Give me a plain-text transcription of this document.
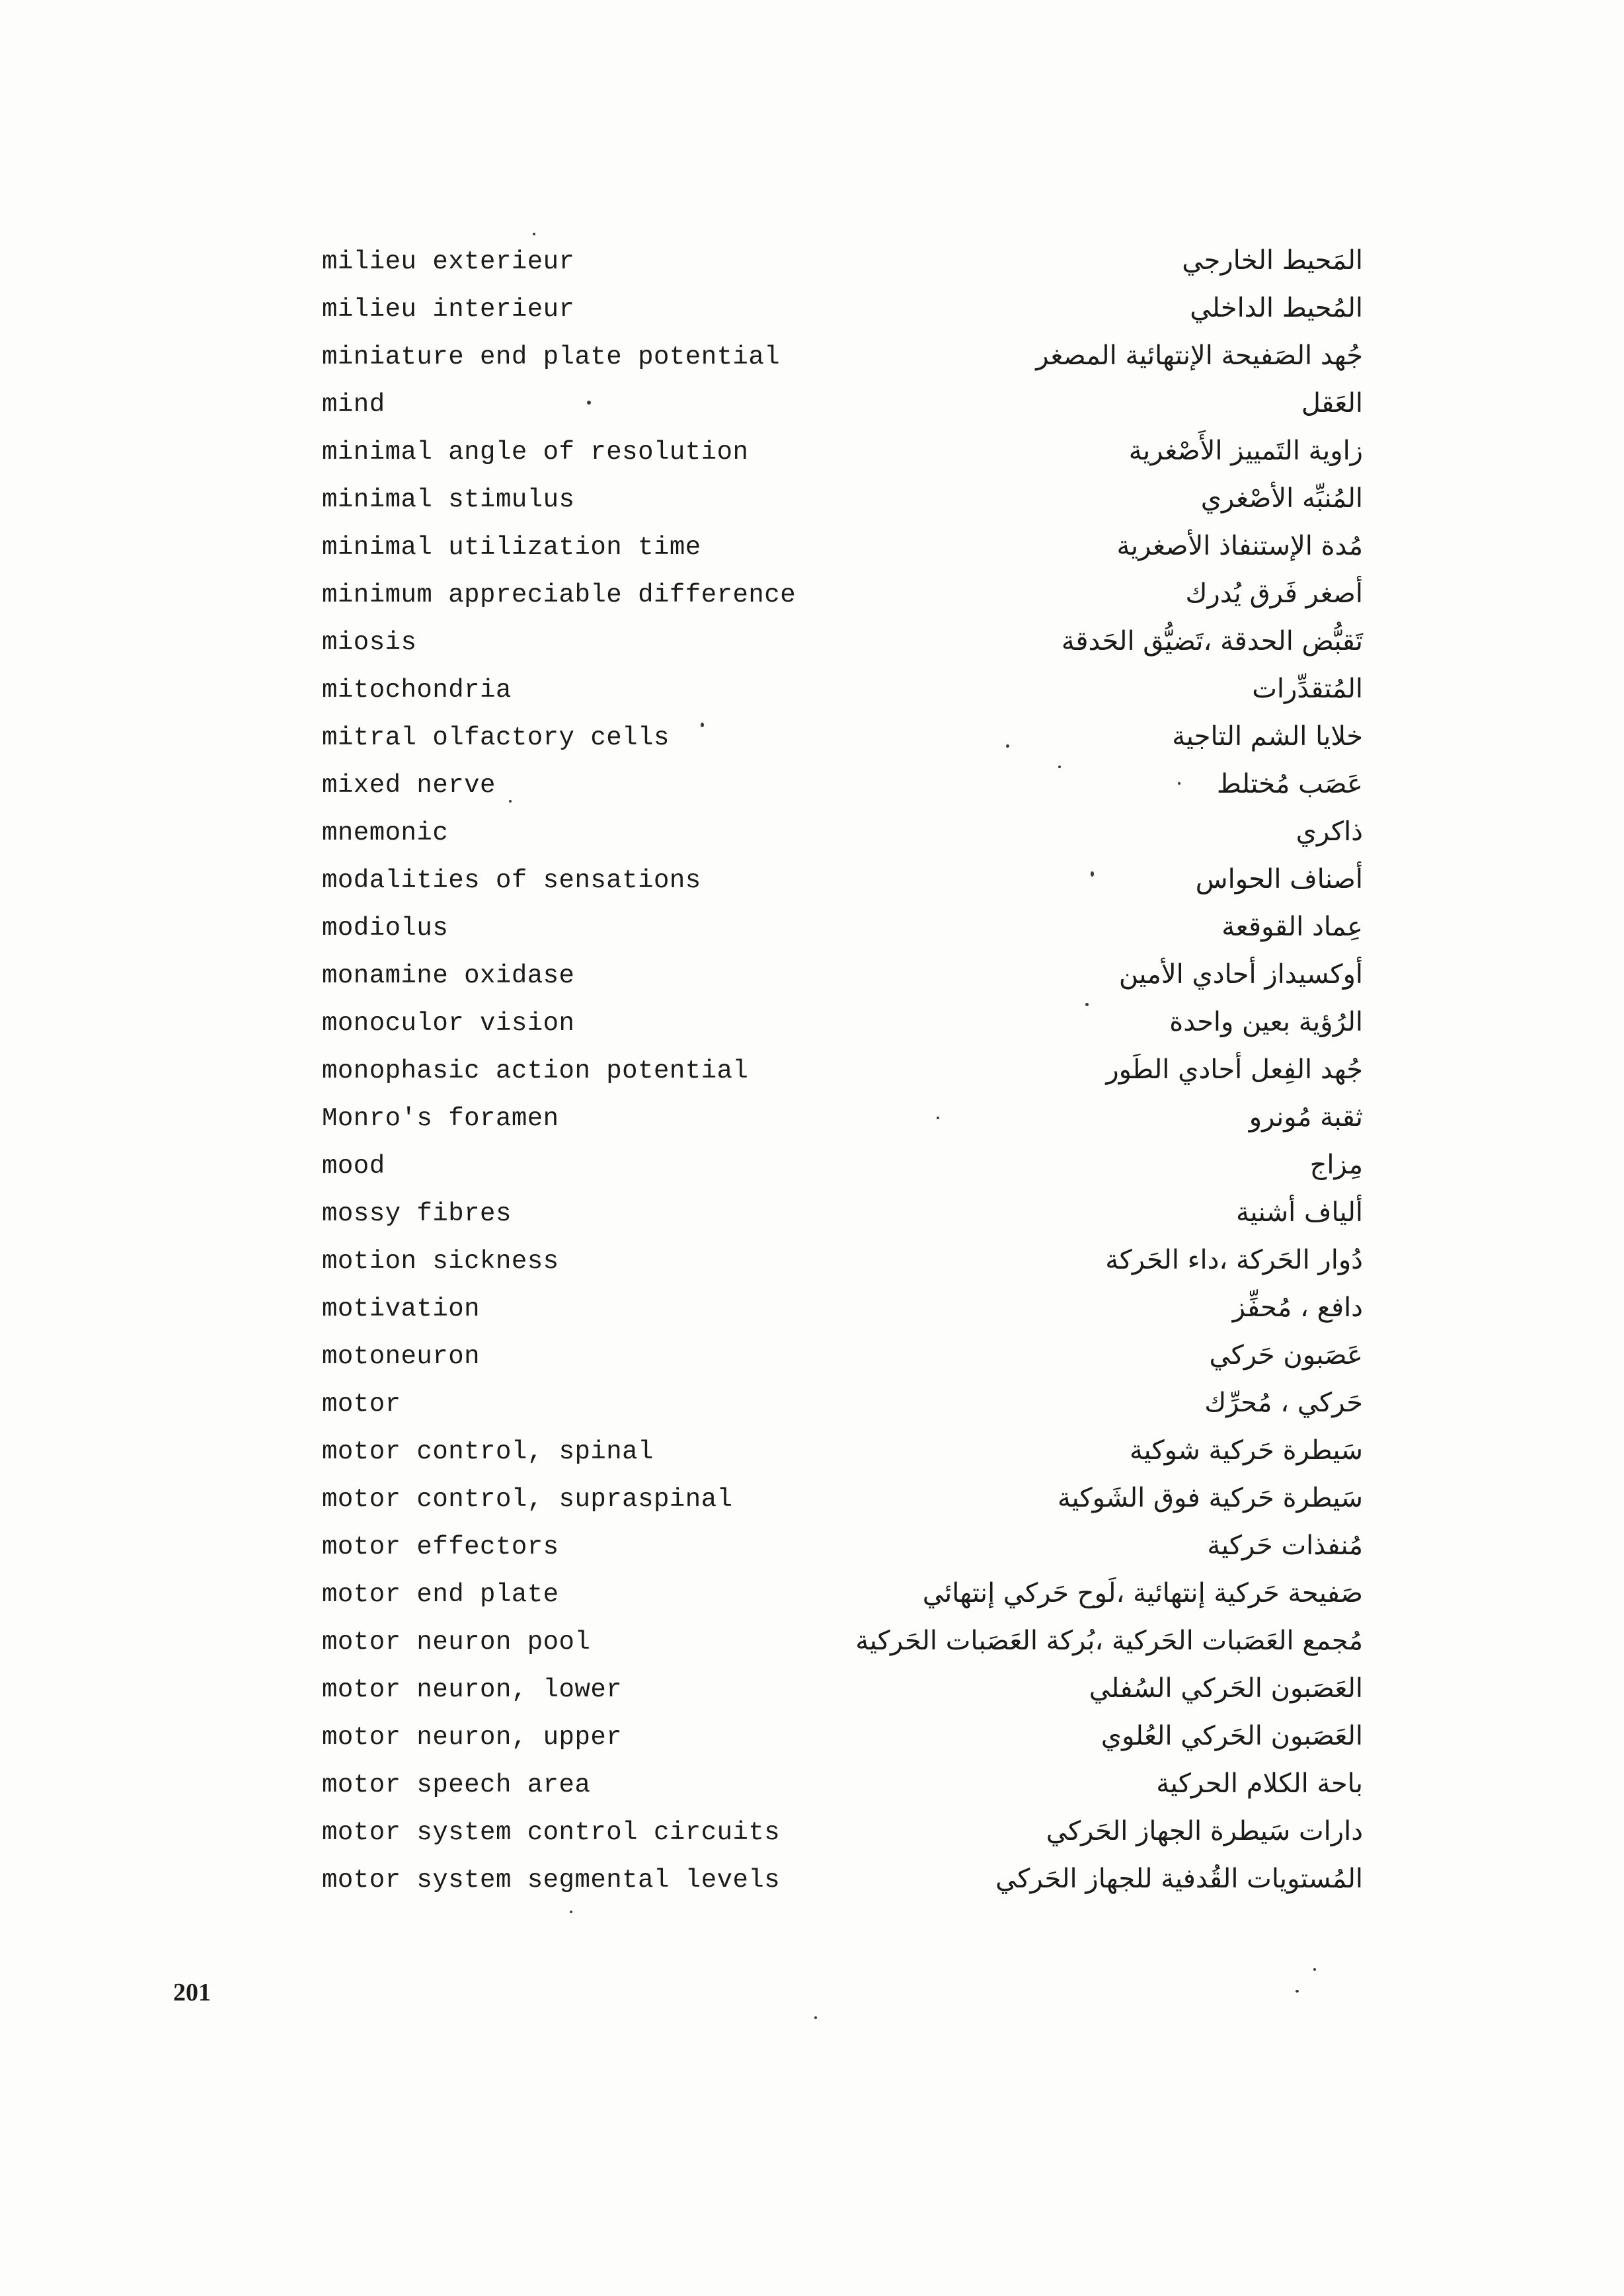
milieu exterieur	المَحيط الخارجي
milieu interieur	المُحيط الداخلي
miniature end plate potential	جُهد الصَفيحة الإنتهائية المصغر
mind	العَقل
minimal angle of resolution	زاوية التَمييز الأَصْغرية
minimal stimulus	المُنبِّه الأصْغري
minimal utilization time	مُدة الإستنفاذ الأصغرية
minimum appreciable difference	أصغر فَرق يُدرك
miosis	تَقبُّض الحدقة ،تَضيُّق الحَدقة
mitochondria	المُتقدِّرات
mitral olfactory cells	خلايا الشم التاجية
mixed nerve	عَصَب مُختلط
mnemonic	ذاكري
modalities of sensations	أصناف الحواس
modiolus	عِماد القوقعة
monamine oxidase	أوكسيداز أحادي الأمين
monoculor vision	الرُؤية بعين واحدة
monophasic action potential	جُهد الفِعل أحادي الطَور
Monro's foramen	ثقبة مُونرو
mood	مِزاج
mossy fibres	ألياف أشنية
motion sickness	دُوار الحَركة ،داء الحَركة
motivation	دافع ، مُحفِّز
motoneuron	عَصَبون حَركي
motor	حَركي ، مُحرِّك
motor control, spinal	سَيطرة حَركية شوكية
motor control, supraspinal	سَيطرة حَركية فوق الشَوكية
motor effectors	مُنفذات حَركية
motor end plate	صَفيحة حَركية إنتهائية ،لَوح حَركي إنتهائي
motor neuron pool	مُجمع العَصَبات الحَركية ،بُركة العَصَبات الحَركية
motor neuron, lower	العَصَبون الحَركي السُفلي
motor neuron, upper	العَصَبون الحَركي العُلوي
motor speech area	باحة الكلام الحركية
motor system control circuits	دارات سَيطرة الجهاز الحَركي
motor system segmental levels	المُستويات القُدفية للجهاز الحَركي
201
